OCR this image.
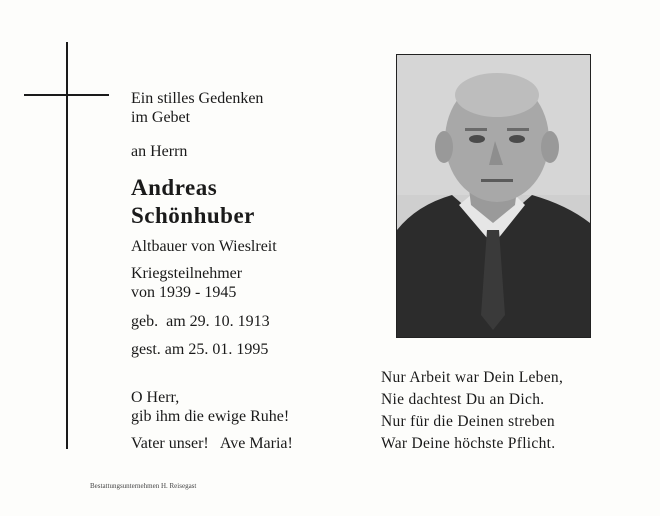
Ein stilles Gedenken
im Gebet
an Herrn
Andreas
Schönhuber
Altbauer von Wieslreit
Kriegsteilnehmer
von 1939 - 1945
geb.  am 29. 10. 1913
gest. am 25. 01. 1995
O Herr,
gib ihm die ewige Ruhe!
Vater unser!   Ave Maria!
Bestattungsunternehmen H. Reisegast
Nur Arbeit war Dein Leben,
Nie dachtest Du an Dich.
Nur für die Deinen streben
War Deine höchste Pflicht.
